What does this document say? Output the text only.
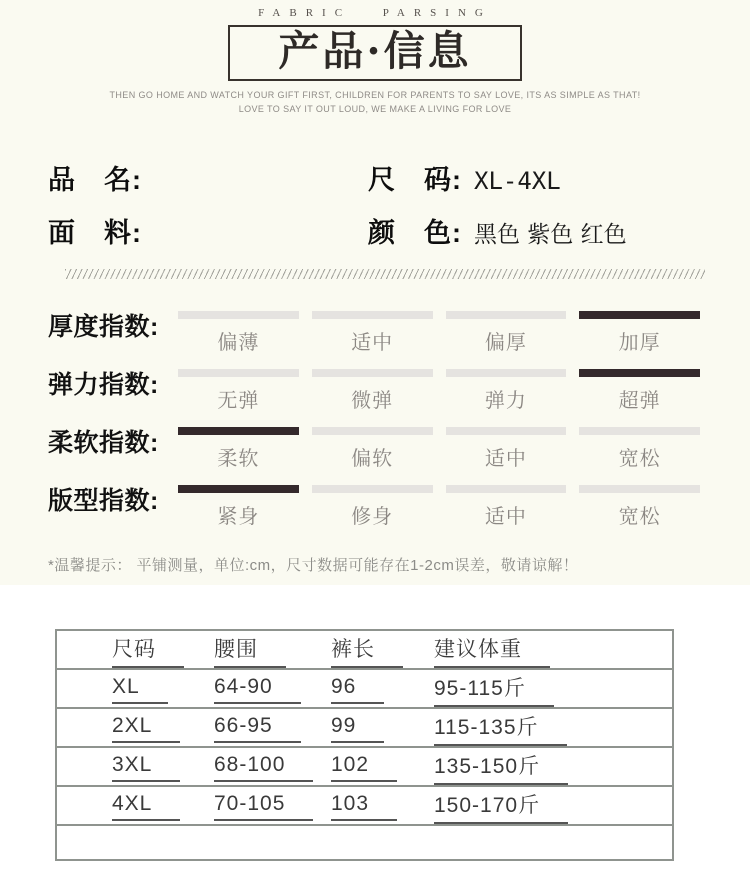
FABRIC PARSING
产品·信息

THEN GO HOME AND WATCH YOUR GIFT FIRST, CHILDREN FOR PARENTS TO SAY LOVE, ITS AS SIMPLE AS THAT!

LOVE TO SAY IT OUT LOUD, WE MAKE A LIVING FOR LOVE

品　名:	尺　码: XL-4XL
面　料:	颜　色: 黑色 紫色 红色
厚度指数:
偏薄	适中	偏厚	加厚
弹力指数:
无弹	微弹	弹力	超弹
柔软指数:
柔软	偏软	适中	宽松
版型指数:
紧身	修身	适中	宽松

*温馨提示： 平铺测量，单位:cm，尺寸数据可能存在1-2cm误差，敬请谅解！

尺码	腰围	裤长	建议体重
XL	64-90	96	95-115斤
2XL	66-95	99	115-135斤
3XL	68-100	102	135-150斤
4XL	70-105	103	150-170斤
